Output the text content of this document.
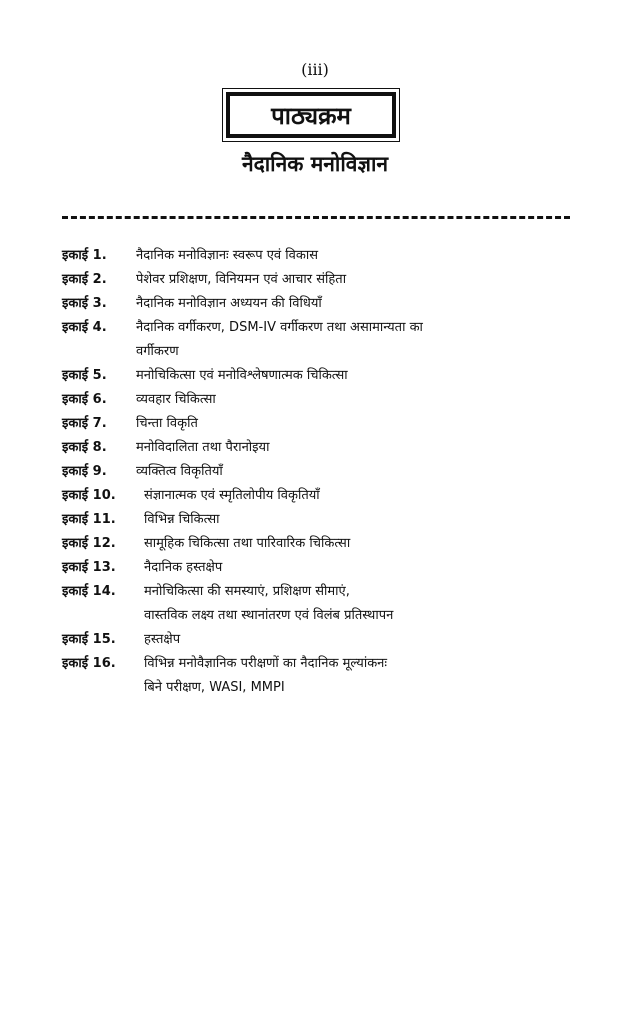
(iii)
पाठ्यक्रम
नैदानिक मनोविज्ञान
इकाई 1. नैदानिक मनोविज्ञानः स्वरूप एवं विकास
इकाई 2. पेशेवर प्रशिक्षण, विनियमन एवं आचार संहिता
इकाई 3. नैदानिक मनोविज्ञान अध्ययन की विधियाँ
इकाई 4. नैदानिक वर्गीकरण, DSM-IV वर्गीकरण तथा असामान्यता का
वर्गीकरण
इकाई 5. मनोचिकित्सा एवं मनोविश्लेषणात्मक चिकित्सा
इकाई 6. व्यवहार चिकित्सा
इकाई 7. चिन्ता विकृति
इकाई 8. मनोविदालिता तथा पैरानोइया
इकाई 9. व्यक्तित्व विकृतियाँ
इकाई 10. संज्ञानात्मक एवं स्मृतिलोपीय विकृतियाँ
इकाई 11. विभिन्न चिकित्सा
इकाई 12. सामूहिक चिकित्सा तथा पारिवारिक चिकित्सा
इकाई 13. नैदानिक हस्तक्षेप
इकाई 14. मनोचिकित्सा की समस्याएं, प्रशिक्षण सीमाएं,
वास्तविक लक्ष्य तथा स्थानांतरण एवं विलंब प्रतिस्थापन
इकाई 15. हस्तक्षेप
इकाई 16. विभिन्न मनोवैज्ञानिक परीक्षणों का नैदानिक मूल्यांकनः
बिने परीक्षण, WASI, MMPI
